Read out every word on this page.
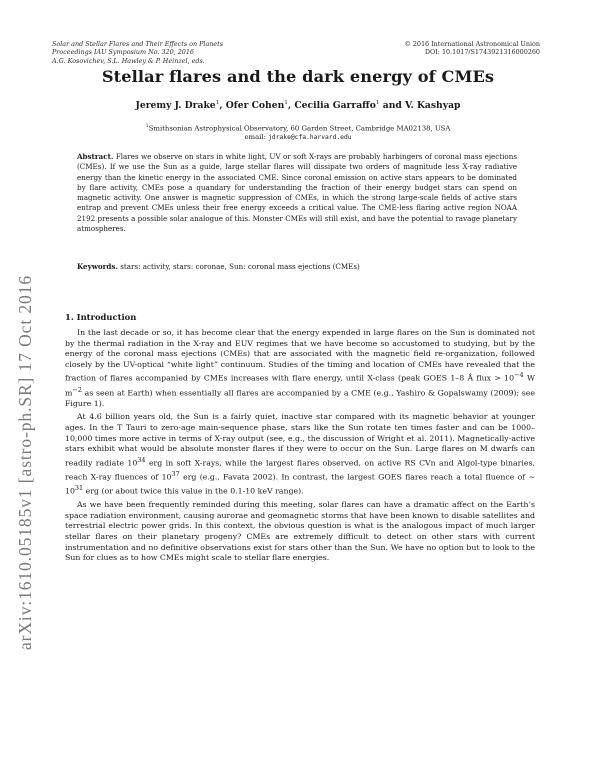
arXiv:1610.05185v1 [astro-ph.SR] 17 Oct 2016
Solar and Stellar Flares and Their Effects on Planets
Proceedings IAU Symposium No. 320, 2016
A.G. Kosovichev, S.L. Hawley & P. Heinzel, eds.
© 2016 International Astronomical Union
DOI: 10.1017/S1743921316000260
Stellar flares and the dark energy of CMEs
Jeremy J. Drake$^1$, Ofer Cohen$^1$, Cecilia Garraffo$^1$ and V. Kashyap
$^1$Smithsonian Astrophysical Observatory, 60 Garden Street, Cambridge MA02138, USA
email: jdrake@cfa.harvard.edu
Abstract. Flares we observe on stars in white light, UV or soft X-rays are probably harbingers of coronal mass ejections (CMEs). If we use the Sun as a guide, large stellar flares will dissipate two orders of magnitude less X-ray radiative energy than the kinetic energy in the associated CME. Since coronal emission on active stars appears to be dominated by flare activity, CMEs pose a quandary for understanding the fraction of their energy budget stars can spend on magnetic activity. One answer is magnetic suppression of CMEs, in which the strong large-scale fields of active stars entrap and prevent CMEs unless their free energy exceeds a critical value. The CME-less flaring active region NOAA 2192 presents a possible solar analogue of this. Monster CMEs will still exist, and have the potential to ravage planetary atmospheres.
Keywords. stars: activity, stars: coronae, Sun: coronal mass ejections (CMEs)
1. Introduction

In the last decade or so, it has become clear that the energy expended in large flares on the Sun is dominated not by the thermal radiation in the X-ray and EUV regimes that we have become so accustomed to studying, but by the energy of the coronal mass ejections (CMEs) that are associated with the magnetic field re-organization, followed closely by the UV-optical “white light” continuum. Studies of the timing and location of CMEs have revealed that the fraction of flares accompanied by CMEs increases with flare energy, until X-class (peak GOES 1–8 Å flux > $10^{-4}$ W $m^{-2}$ as seen at Earth) when essentially all flares are accompanied by a CME (e.g., Yashiro & Gopalswamy (2009); see Figure 1).

At 4.6 billion years old, the Sun is a fairly quiet, inactive star compared with its magnetic behavior at younger ages. In the T Tauri to zero-age main-sequence phase, stars like the Sun rotate ten times faster and can be 1000–10,000 times more active in terms of X-ray output (see, e.g., the discussion of Wright et al. 2011). Magnetically-active stars exhibit what would be absolute monster flares if they were to occur on the Sun. Large flares on M dwarfs can readily radiate $10^{34}$ erg in soft X-rays, while the largest flares observed, on active RS CVn and Algol-type binaries, reach X-ray fluences of $10^{37}$ erg (e.g., Favata 2002). In contrast, the largest GOES flares reach a total fluence of ∼ $10^{31}$ erg (or about twice this value in the 0.1-10 keV range).

As we have been frequently reminded during this meeting, solar flares can have a dramatic affect on the Earth’s space radiation environment, causing aurorae and geomagnetic storms that have been known to disable satellites and terrestrial electric power grids. In this context, the obvious question is what is the analogous impact of much larger stellar flares on their planetary progeny? CMEs are extremely difficult to detect on other stars with current instrumentation and no definitive observations exist for stars other than the Sun. We have no option but to look to the Sun for clues as to how CMEs might scale to stellar flare energies.
